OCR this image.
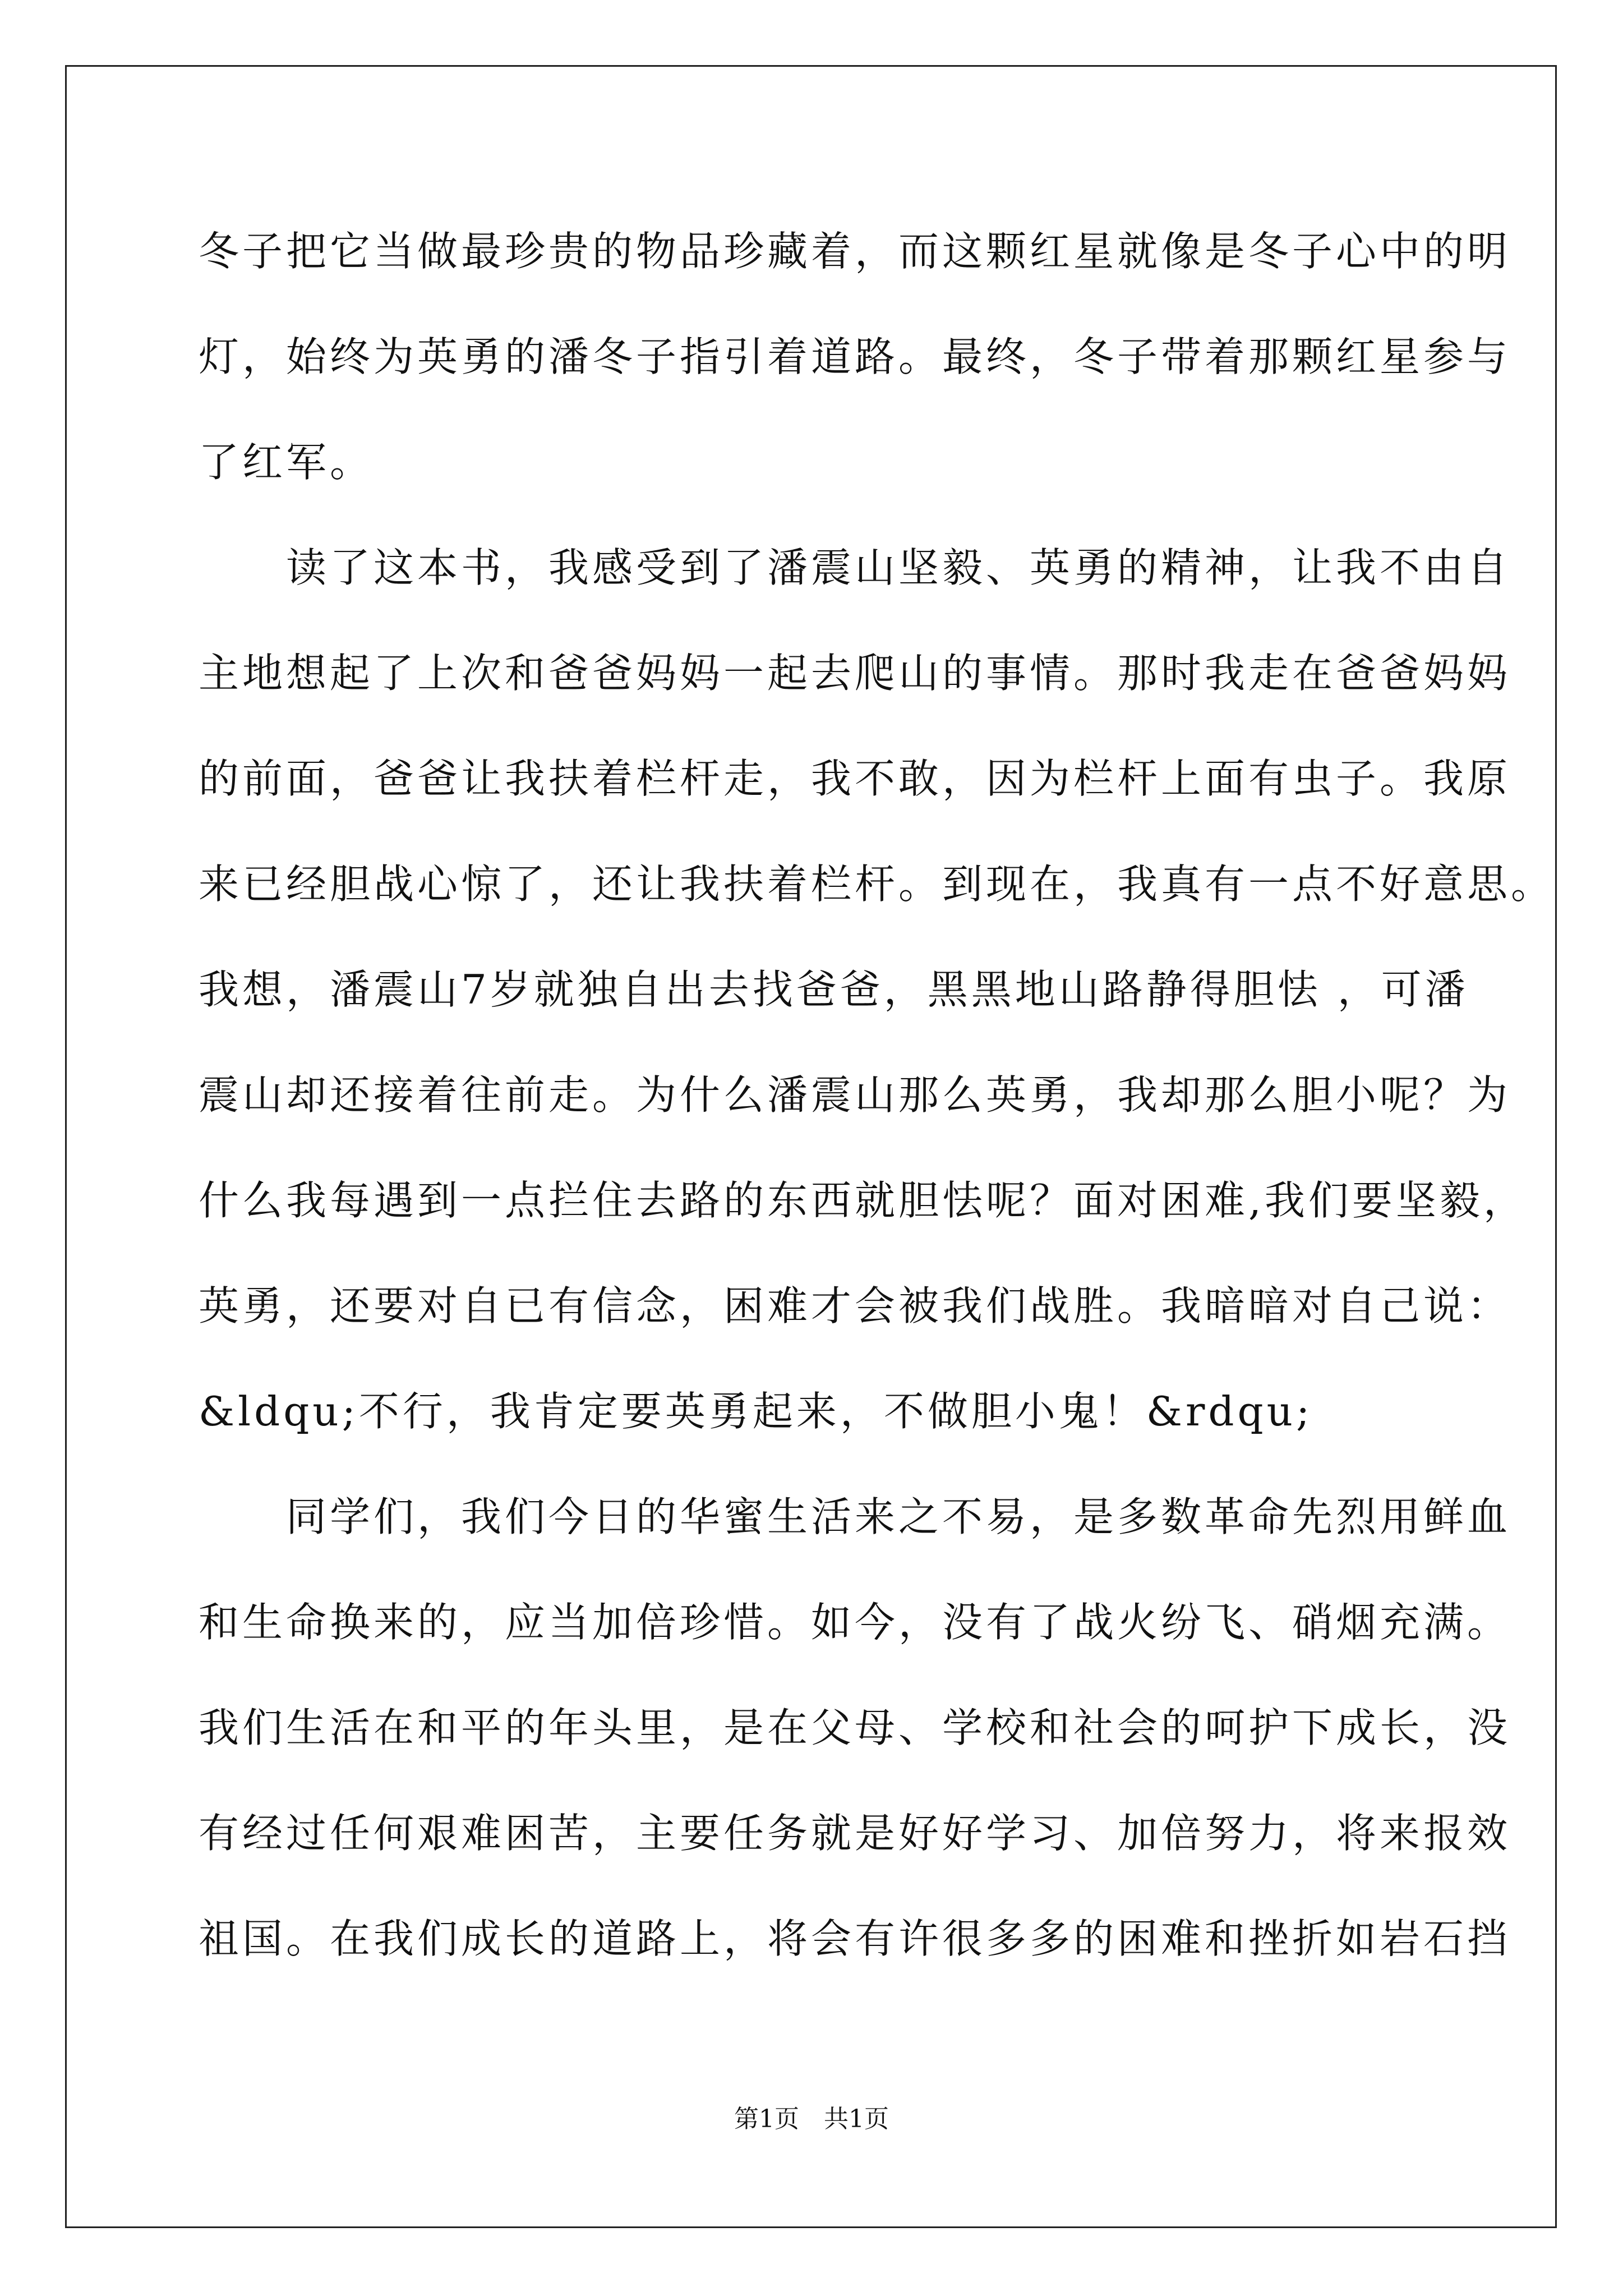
冬子把它当做最珍贵的物品珍藏着，而这颗红星就像是冬子心中的明
灯，始终为英勇的潘冬子指引着道路。最终，冬子带着那颗红星参与
了红军。
　　读了这本书，我感受到了潘震山坚毅、英勇的精神，让我不由自
主地想起了上次和爸爸妈妈一起去爬山的事情。那时我走在爸爸妈妈
的前面，爸爸让我扶着栏杆走，我不敢，因为栏杆上面有虫子。我原
来已经胆战心惊了，还让我扶着栏杆。到现在，我真有一点不好意思。
我想，潘震山7岁就独自出去找爸爸，黑黑地山路静得胆怯 ，可潘
震山却还接着往前走。为什么潘震山那么英勇，我却那么胆小呢？为
什么我每遇到一点拦住去路的东西就胆怯呢？面对困难,我们要坚毅，
英勇，还要对自已有信念，困难才会被我们战胜。我暗暗对自己说：
&ldqu;不行，我肯定要英勇起来，不做胆小鬼！&rdqu;
　　同学们，我们今日的华蜜生活来之不易，是多数革命先烈用鲜血
和生命换来的，应当加倍珍惜。如今，没有了战火纷飞、硝烟充满。
我们生活在和平的年头里，是在父母、学校和社会的呵护下成长，没
有经过任何艰难困苦，主要任务就是好好学习、加倍努力，将来报效
祖国。在我们成长的道路上，将会有许很多多的困难和挫折如岩石挡
第1页　共1页
